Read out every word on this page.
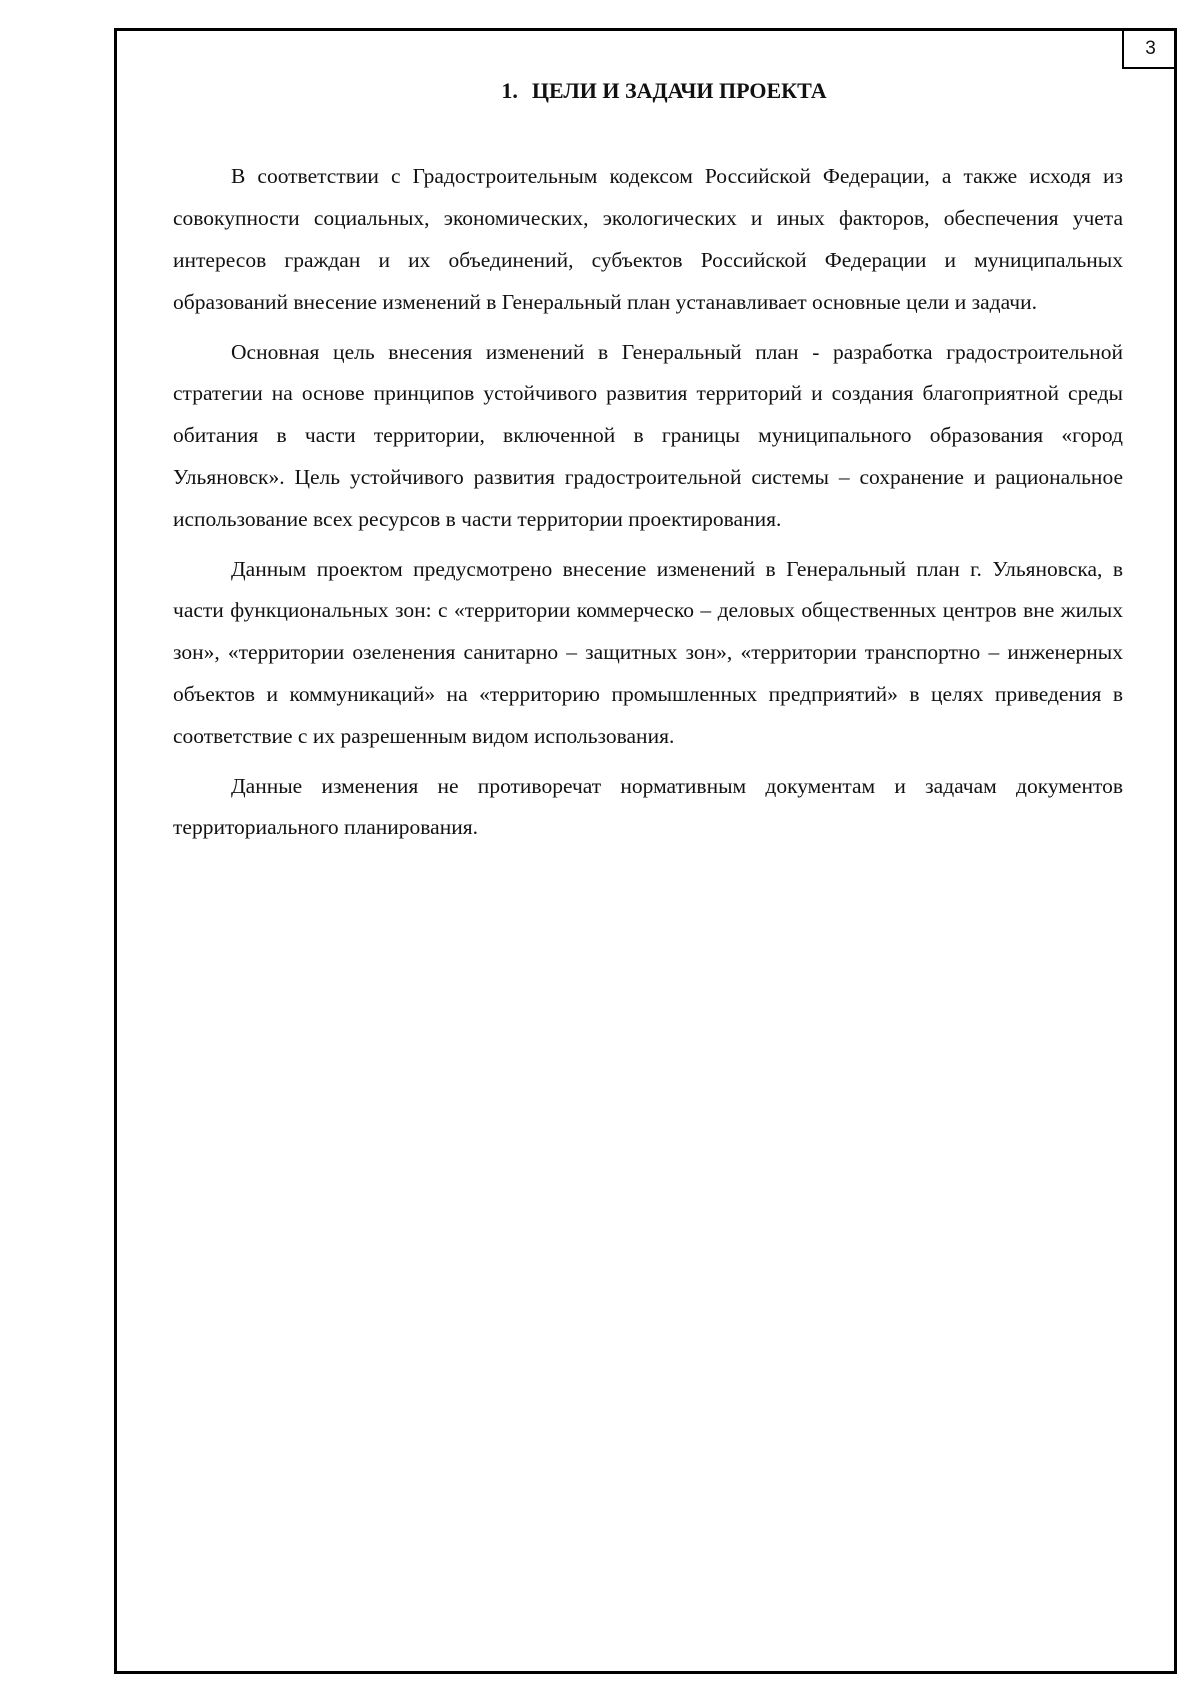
3
1. ЦЕЛИ И ЗАДАЧИ ПРОЕКТА

В соответствии с Градостроительным кодексом Российской Федерации, а также исходя из совокупности социальных, экономических, экологических и иных факторов, обеспечения учета интересов граждан и их объединений, субъектов Российской Федерации и муниципальных образований внесение изменений в Генеральный план устанавливает основные цели и задачи.

Основная цель внесения изменений в Генеральный план - разработка градостроительной стратегии на основе принципов устойчивого развития территорий и создания благоприятной среды обитания в части территории, включенной в границы муниципального образования «город Ульяновск». Цель устойчивого развития градостроительной системы – сохранение и рациональное использование всех ресурсов в части территории проектирования.

Данным проектом предусмотрено внесение изменений в Генеральный план г. Ульяновска, в части функциональных зон: с «территории коммерческо – деловых общественных центров вне жилых зон», «территории озеленения санитарно – защитных зон», «территории транспортно – инженерных объектов и коммуникаций» на «территорию промышленных предприятий» в целях приведения в соответствие с их разрешенным видом использования.

Данные изменения не противоречат нормативным документам и задачам документов территориального планирования.
